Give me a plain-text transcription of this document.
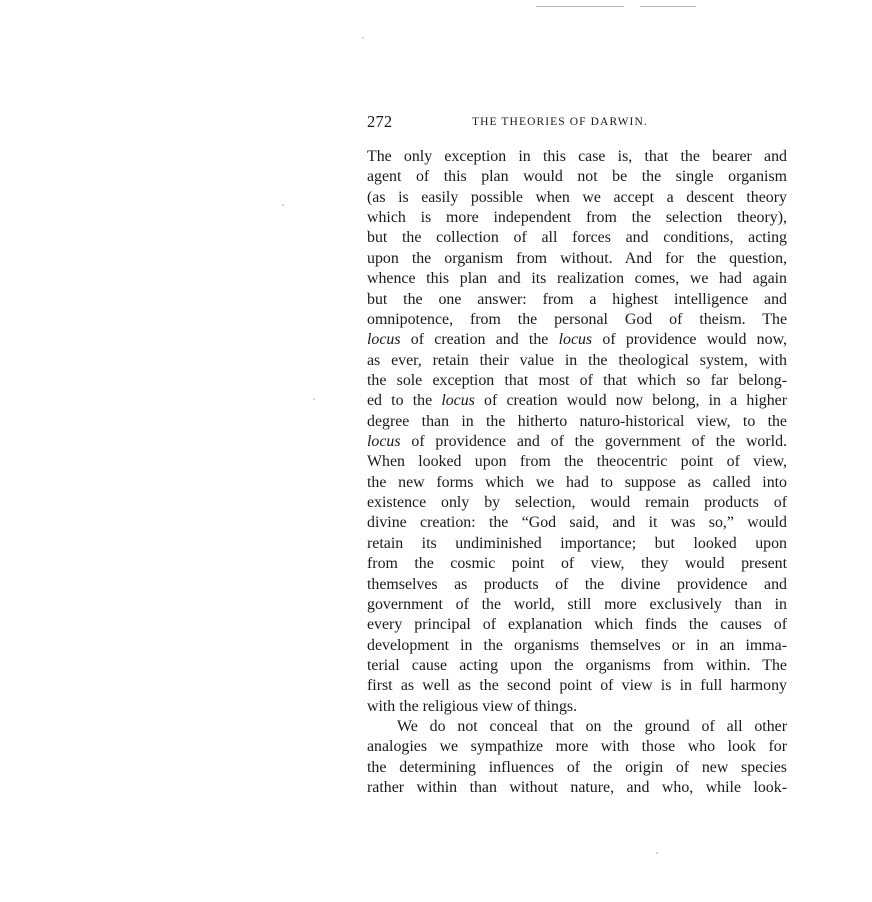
272	THE THEORIES OF DARWIN.
The only exception in this case is, that the bearer and
agent of this plan would not be the single organism
(as is easily possible when we accept a descent theory
which is more independent from the selection theory),
but the collection of all forces and conditions, acting
upon the organism from without. And for the question,
whence this plan and its realization comes, we had again
but the one answer: from a highest intelligence and
omnipotence, from the personal God of theism. The
locus of creation and the locus of providence would now,
as ever, retain their value in the theological system, with
the sole exception that most of that which so far belong-
ed to the locus of creation would now belong, in a higher
degree than in the hitherto naturo-historical view, to the
locus of providence and of the government of the world.
When looked upon from the theocentric point of view,
the new forms which we had to suppose as called into
existence only by selection, would remain products of
divine creation: the “God said, and it was so,” would
retain its undiminished importance; but looked upon
from the cosmic point of view, they would present
themselves as products of the divine providence and
government of the world, still more exclusively than in
every principal of explanation which finds the causes of
development in the organisms themselves or in an imma-
terial cause acting upon the organisms from within. The
first as well as the second point of view is in full harmony
with the religious view of things.
We do not conceal that on the ground of all other
analogies we sympathize more with those who look for
the determining influences of the origin of new species
rather within than without nature, and who, while look-
